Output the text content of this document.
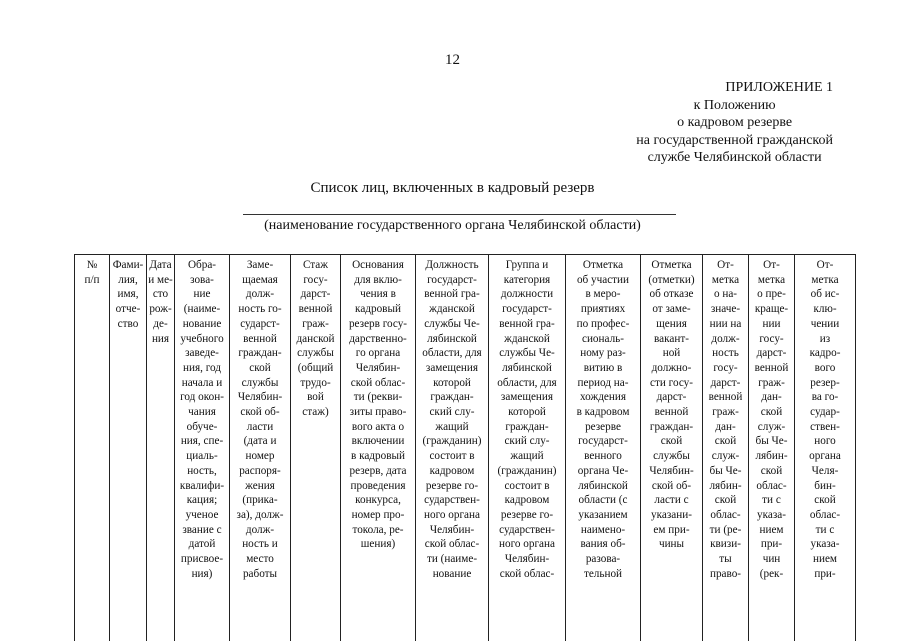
12
ПРИЛОЖЕНИЕ 1
к Положению
о кадровом резерве
на государственной гражданской
службе Челябинской области
Список лиц, включенных в кадровый резерв
(наименование государственного органа Челябинской области)
№
п/п

Фами-
лия,
имя,
отче-
ство

Дата
и ме-
сто
рож-
де-
ния

Обра-
зова-
ние
(наиме-
нование
учебного
заведе-
ния, год
начала и
год окон-
чания
обуче-
ния, спе-
циаль-
ность,
квалифи-
кация;
ученое
звание с
датой
присвое-
ния)

Заме-
щаемая
долж-
ность го-
сударст-
венной
граждан-
ской
службы
Челябин-
ской об-
ласти
(дата и
номер
распоря-
жения
(прика-
за), долж-
долж-
ность и
место
работы

Стаж
госу-
дарст-
венной
граж-
данской
службы
(общий
трудо-
вой
стаж)

Основания
для вклю-
чения в
кадровый
резерв госу-
дарственно-
го органа
Челябин-
ской облас-
ти (рекви-
зиты право-
вого акта о
включении
в кадровый
резерв, дата
проведения
конкурса,
номер про-
токола, ре-
шения)

Должность
государст-
венной гра-
жданской
службы Че-
лябинской
области, для
замещения
которой
граждан-
ский слу-
жащий
(гражданин)
состоит в
кадровом
резерве го-
сударствен-
ного органа
Челябин-
ской облас-
ти (наиме-
нование

Группа и
категория
должности
государст-
венной гра-
жданской
службы Че-
лябинской
области, для
замещения
которой
граждан-
ский слу-
жащий
(гражданин)
состоит в
кадровом
резерве го-
сударствен-
ного органа
Челябин-
ской облас-

Отметка
об участии
в меро-
приятиях
по профес-
сиональ-
ному раз-
витию в
период на-
хождения
в кадровом
резерве
государст-
венного
органа Че-
лябинской
области (с
указанием
наимено-
вания об-
разова-
тельной

Отметка
(отметки)
об отказе
от заме-
щения
вакант-
ной
должно-
сти госу-
дарст-
венной
граждан-
ской
службы
Челябин-
ской об-
ласти с
указани-
ем при-
чины

От-
метка
о на-
значе-
нии на
долж-
ность
госу-
дарст-
венной
граж-
дан-
ской
служ-
бы Че-
лябин-
ской
облас-
ти (ре-
квизи-
ты
право-

От-
метка
о пре-
краще-
нии
госу-
дарст-
венной
граж-
дан-
ской
служ-
бы Че-
лябин-
ской
облас-
ти с
указа-
нием
при-
чин
(рек-

От-
метка
об ис-
клю-
чении
из
кадро-
вого
резер-
ва го-
судар-
ствен-
ного
органа
Челя-
бин-
ской
облас-
ти с
указа-
нием
при-
